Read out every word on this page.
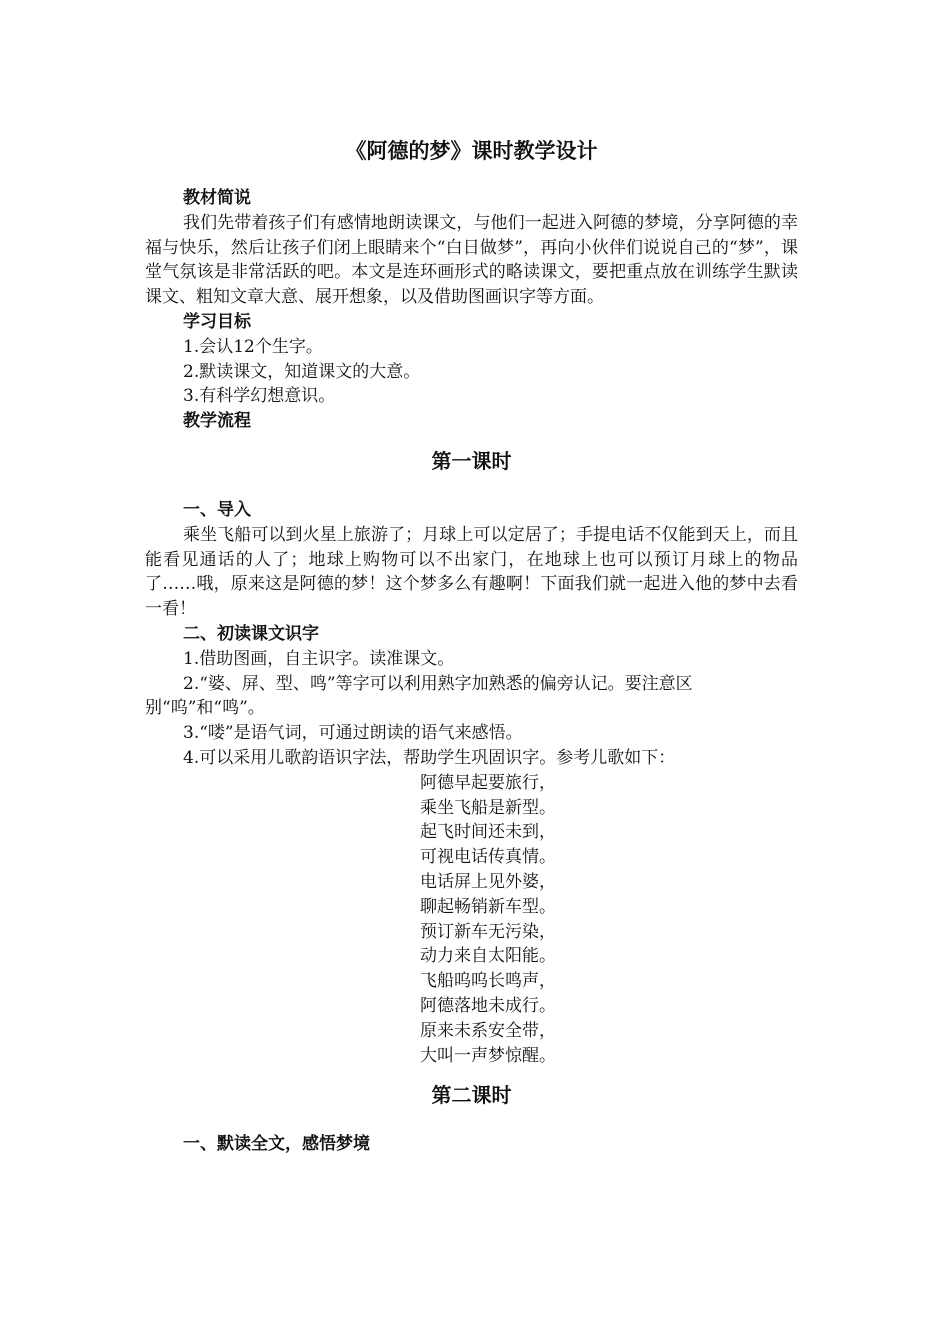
《阿德的梦》课时教学设计
教材简说
我们先带着孩子们有感情地朗读课文，与他们一起进入阿德的梦境，分享阿德的幸福与快乐，然后让孩子们闭上眼睛来个“白日做梦”，再向小伙伴们说说自己的“梦”，课堂气氛该是非常活跃的吧。本文是连环画形式的略读课文，要把重点放在训练学生默读课文、粗知文章大意、展开想象，以及借助图画识字等方面。
学习目标
1.会认12个生字。
2.默读课文，知道课文的大意。
3.有科学幻想意识。
教学流程
第一课时
一、导入
乘坐飞船可以到火星上旅游了；月球上可以定居了；手提电话不仅能到天上，而且能看见通话的人了；地球上购物可以不出家门，在地球上也可以预订月球上的物品了……哦，原来这是阿德的梦！这个梦多么有趣啊！下面我们就一起进入他的梦中去看一看！
二、初读课文识字
1.借助图画，自主识字。读准课文。
2.“婆、屏、型、鸣”等字可以利用熟字加熟悉的偏旁认记。要注意区别“呜”和“鸣”。
3.“喽”是语气词，可通过朗读的语气来感悟。
4.可以采用儿歌韵语识字法，帮助学生巩固识字。参考儿歌如下：
阿德早起要旅行，
乘坐飞船是新型。
起飞时间还未到，
可视电话传真情。
电话屏上见外婆，
聊起畅销新车型。
预订新车无污染，
动力来自太阳能。
飞船呜呜长鸣声，
阿德落地未成行。
原来未系安全带，
大叫一声梦惊醒。
第二课时
一、默读全文，感悟梦境
